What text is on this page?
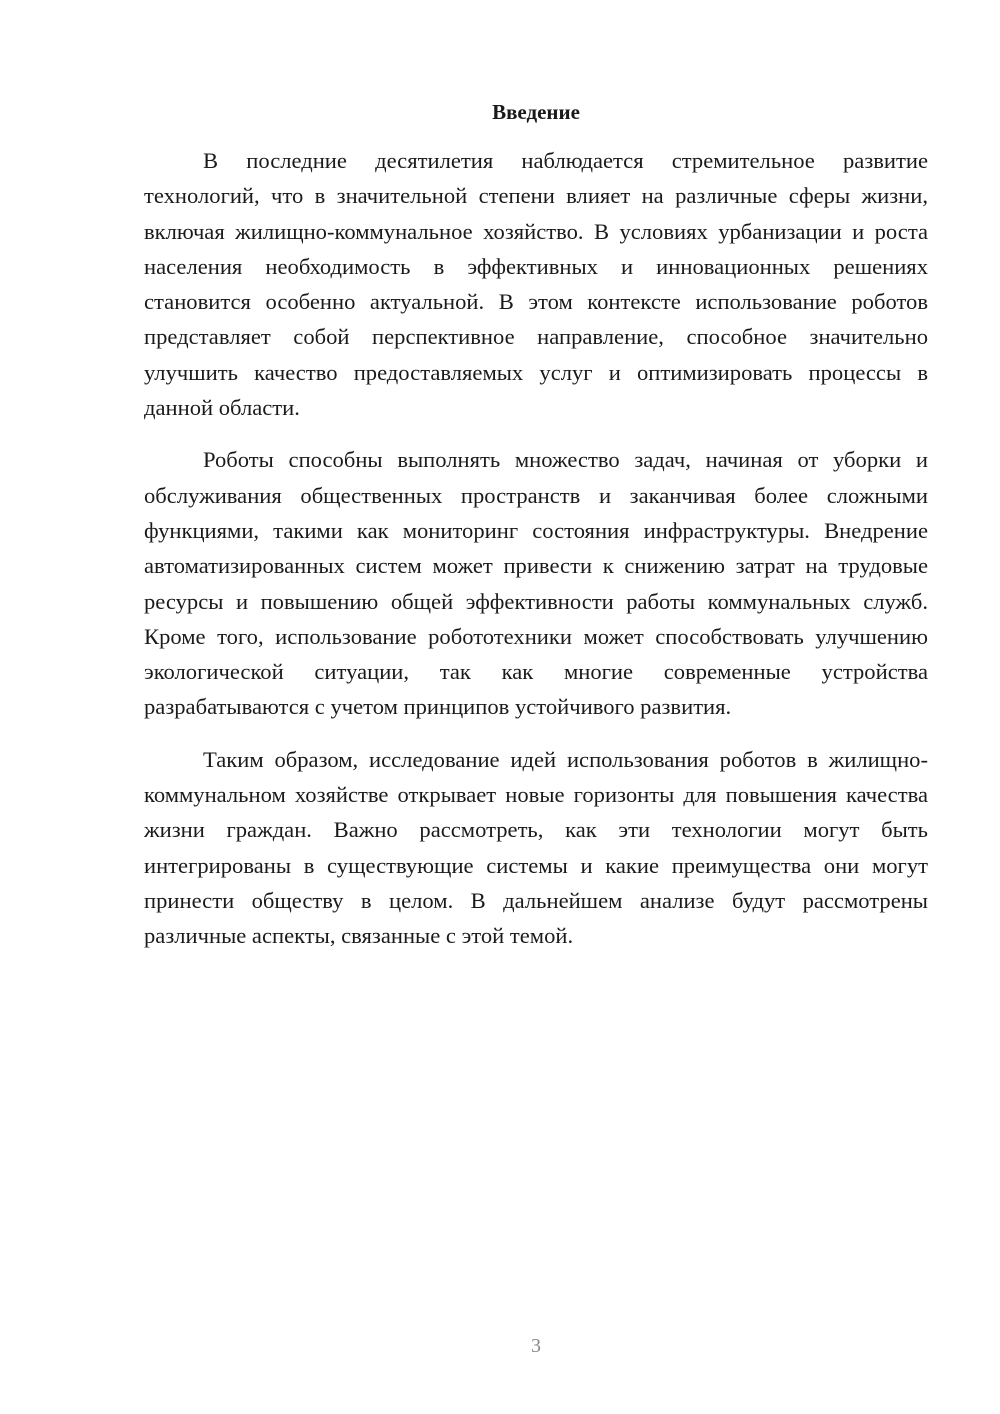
Введение

В последние десятилетия наблюдается стремительное развитие технологий, что в значительной степени влияет на различные сферы жизни, включая жилищно-коммунальное хозяйство. В условиях урбанизации и роста населения необходимость в эффективных и инновационных решениях становится особенно актуальной. В этом контексте использование роботов представляет собой перспективное направление, способное значительно улучшить качество предоставляемых услуг и оптимизировать процессы в данной области.

Роботы способны выполнять множество задач, начиная от уборки и обслуживания общественных пространств и заканчивая более сложными функциями, такими как мониторинг состояния инфраструктуры. Внедрение автоматизированных систем может привести к снижению затрат на трудовые ресурсы и повышению общей эффективности работы коммунальных служб. Кроме того, использование робототехники может способствовать улучшению экологической ситуации, так как многие современные устройства разрабатываются с учетом принципов устойчивого развития.

Таким образом, исследование идей использования роботов в жилищно-коммунальном хозяйстве открывает новые горизонты для повышения качества жизни граждан. Важно рассмотреть, как эти технологии могут быть интегрированы в существующие системы и какие преимущества они могут принести обществу в целом. В дальнейшем анализе будут рассмотрены различные аспекты, связанные с этой темой.

3
